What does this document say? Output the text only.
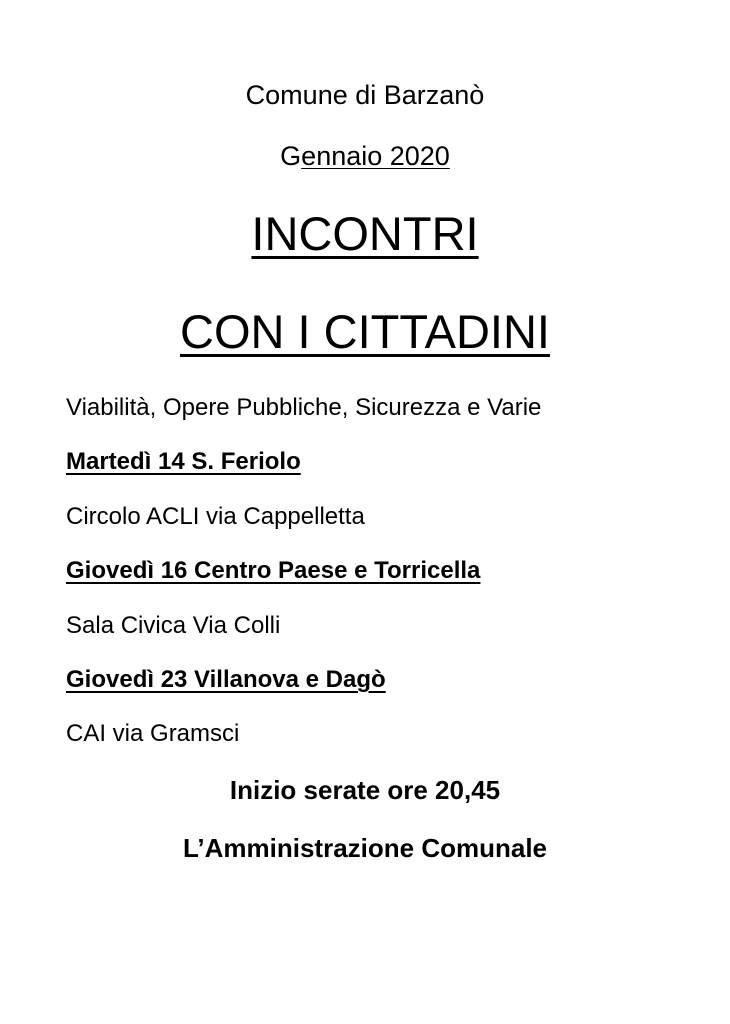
Comune di Barzanò
Gennaio 2020
INCONTRI
CON I CITTADINI
Viabilità, Opere Pubbliche, Sicurezza e Varie
Martedì 14 S. Feriolo
Circolo ACLI via Cappelletta
Giovedì 16 Centro Paese e Torricella
Sala Civica Via Colli
Giovedì 23 Villanova e Dagò
CAI via Gramsci
Inizio serate ore 20,45
L’Amministrazione Comunale
